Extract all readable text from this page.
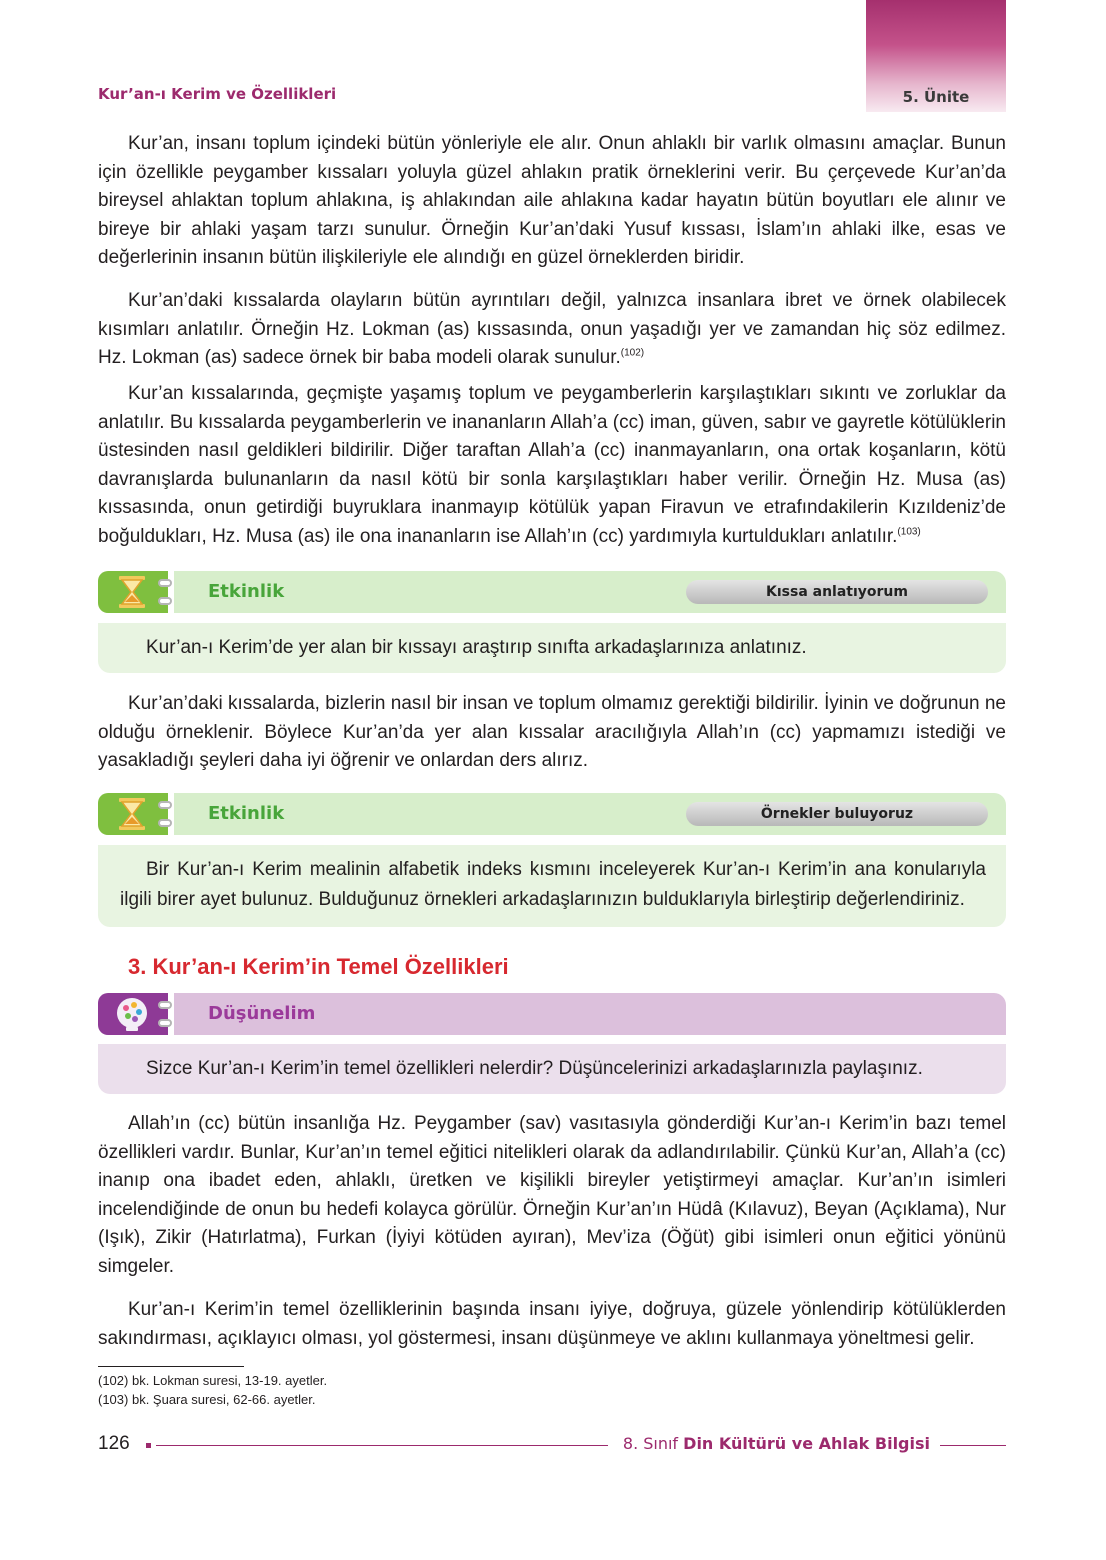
5. Ünite
Kur’an-ı Kerim ve Özellikleri
Kur’an, insanı toplum içindeki bütün yönleriyle ele alır. Onun ahlaklı bir varlık olmasını amaçlar. Bunun için özellikle peygamber kıssaları yoluyla güzel ahlakın pratik örneklerini verir. Bu çerçevede Kur’an’da bireysel ahlaktan toplum ahlakına, iş ahlakından aile ahlakına kadar hayatın bütün boyutları ele alınır ve bireye bir ahlaki yaşam tarzı sunulur. Örneğin Kur’an’daki Yusuf kıssası, İslam’ın ahlaki ilke, esas ve değerlerinin insanın bütün ilişkileriyle ele alındığı en güzel örneklerden biridir.
Kur’an’daki kıssalarda olayların bütün ayrıntıları değil, yalnızca insanlara ibret ve örnek olabilecek kısımları anlatılır. Örneğin Hz. Lokman (as) kıssasında, onun yaşadığı yer ve zamandan hiç söz edilmez. Hz. Lokman (as) sadece örnek bir baba modeli olarak sunulur.$^{(102)}$
Kur’an kıssalarında, geçmişte yaşamış toplum ve peygamberlerin karşılaştıkları sıkıntı ve zorluklar da anlatılır. Bu kıssalarda peygamberlerin ve inananların Allah’a (cc) iman, güven, sabır ve gayretle kötülüklerin üstesinden nasıl geldikleri bildirilir. Diğer taraftan Allah’a (cc) inanmayanların, ona ortak koşanların, kötü davranışlarda bulunanların da nasıl kötü bir sonla karşılaştıkları haber verilir. Örneğin Hz. Musa (as) kıssasında, onun getirdiği buyruklara inanmayıp kötülük yapan Firavun ve etrafındakilerin Kızıldeniz’de boğuldukları, Hz. Musa (as) ile ona inananların ise Allah’ın (cc) yardımıyla kurtuldukları anlatılır.$^{(103)}$
Etkinlik	Kıssa anlatıyorum
Kur’an-ı Kerim’de yer alan bir kıssayı araştırıp sınıfta arkadaşlarınıza anlatınız.
Kur’an’daki kıssalarda, bizlerin nasıl bir insan ve toplum olmamız gerektiği bildirilir. İyinin ve doğrunun ne olduğu örneklenir. Böylece Kur’an’da yer alan kıssalar aracılığıyla Allah’ın (cc) yapmamızı istediği ve yasakladığı şeyleri daha iyi öğrenir ve onlardan ders alırız.
Etkinlik	Örnekler buluyoruz
Bir Kur’an-ı Kerim mealinin alfabetik indeks kısmını inceleyerek Kur’an-ı Kerim’in ana konularıyla ilgili birer ayet bulunuz. Bulduğunuz örnekleri arkadaşlarınızın bulduklarıyla birleştirip değerlendiriniz.
3. Kur’an-ı Kerim’in Temel Özellikleri
Düşünelim
Sizce Kur’an-ı Kerim’in temel özellikleri nelerdir? Düşüncelerinizi arkadaşlarınızla paylaşınız.
Allah’ın (cc) bütün insanlığa Hz. Peygamber (sav) vasıtasıyla gönderdiği Kur’an-ı Kerim’in bazı temel özellikleri vardır. Bunlar, Kur’an’ın temel eğitici nitelikleri olarak da adlandırılabilir. Çünkü Kur’an, Allah’a (cc) inanıp ona ibadet eden, ahlaklı, üretken ve kişilikli bireyler yetiştirmeyi amaçlar. Kur’an’ın isimleri incelendiğinde de onun bu hedefi kolayca görülür. Örneğin Kur’an’ın Hüdâ (Kılavuz), Beyan (Açıklama), Nur (Işık), Zikir (Hatırlatma), Furkan (İyiyi kötüden ayıran), Mev’iza (Öğüt) gibi isimleri onun eğitici yönünü simgeler.
Kur’an-ı Kerim’in temel özelliklerinin başında insanı iyiye, doğruya, güzele yönlendirip kötülüklerden sakındırması, açıklayıcı olması, yol göstermesi, insanı düşünmeye ve aklını kullanmaya yöneltmesi gelir.
(102) bk. Lokman suresi, 13-19. ayetler.
(103) bk. Şuara suresi, 62-66. ayetler.
126	8. Sınıf Din Kültürü ve Ahlak Bilgisi
